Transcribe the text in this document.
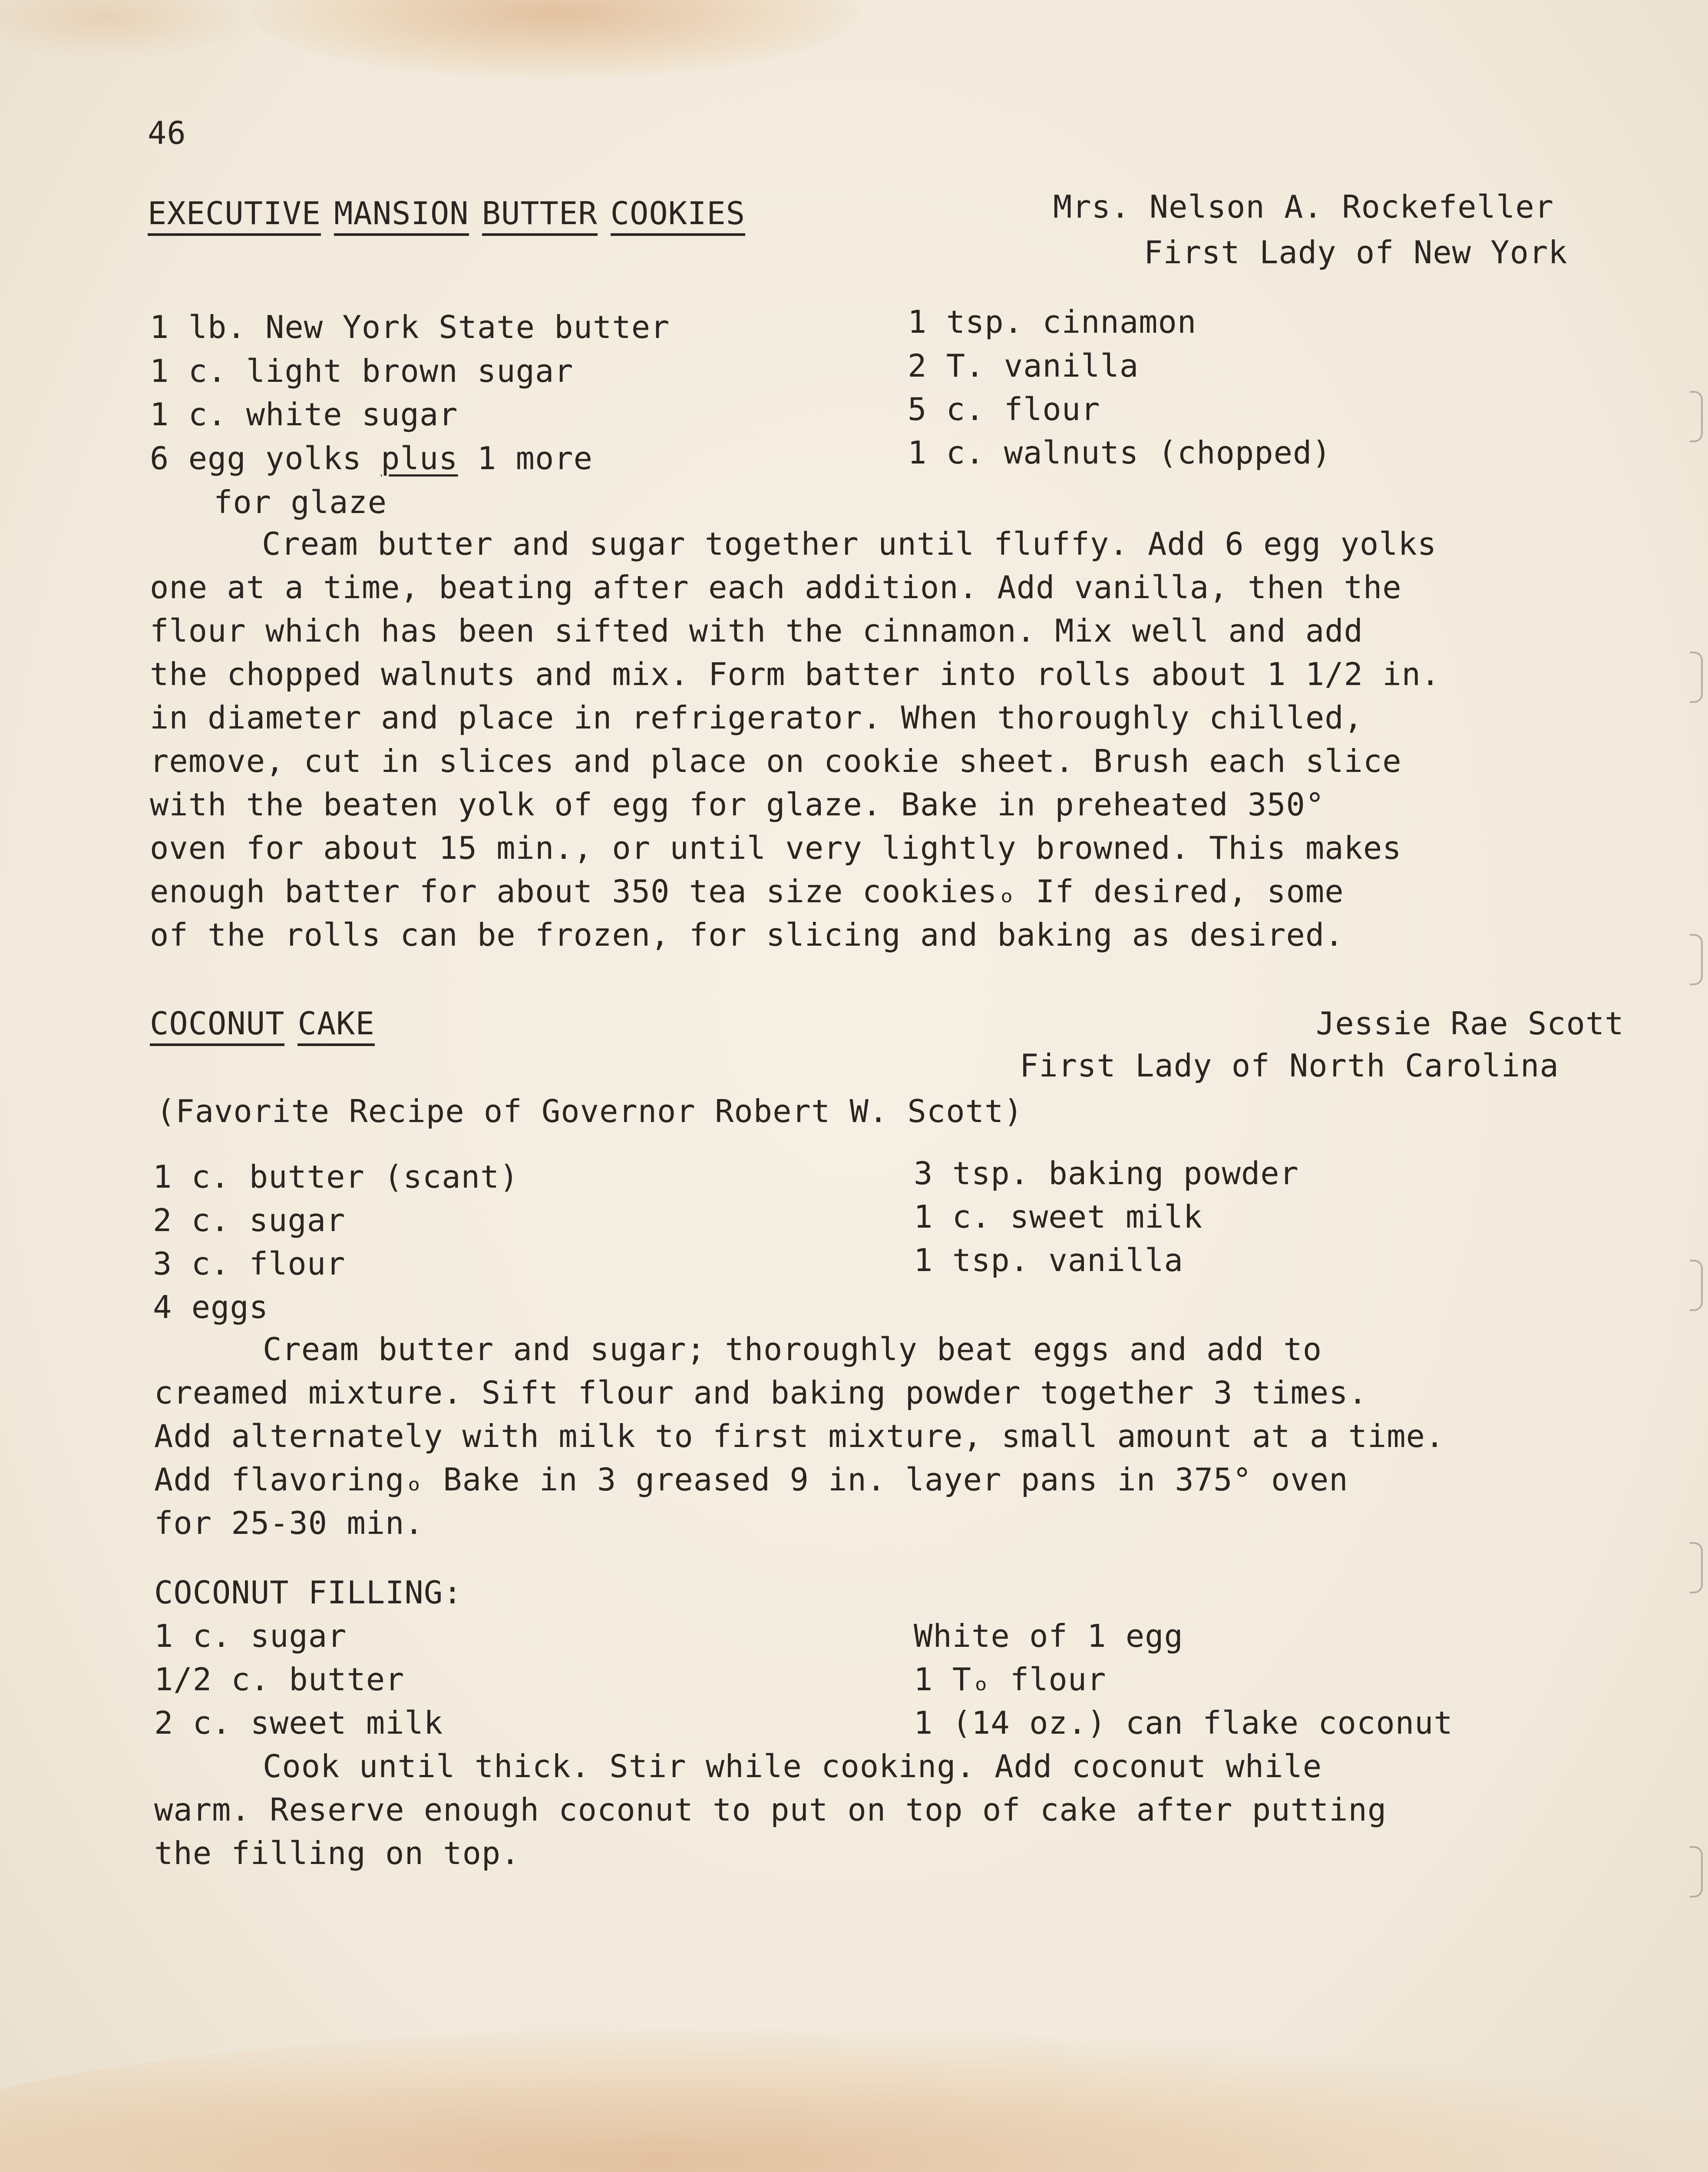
46
EXECUTIVE MANSION BUTTER COOKIES	Mrs. Nelson A. Rockefeller
First Lady of New York
1 lb. New York State butter
1 c. light brown sugar
1 c. white sugar
6 egg yolks plus 1 more
for glaze
1 tsp. cinnamon
2 T. vanilla
5 c. flour
1 c. walnuts (chopped)
Cream butter and sugar together until fluffy. Add 6 egg yolks
one at a time, beating after each addition. Add vanilla, then the
flour which has been sifted with the cinnamon. Mix well and add
the chopped walnuts and mix. Form batter into rolls about 1 1/2 in.
in diameter and place in refrigerator. When thoroughly chilled,
remove, cut in slices and place on cookie sheet. Brush each slice
with the beaten yolk of egg for glaze. Bake in preheated 350°
oven for about 15 min., or until very lightly browned. This makes
enough batter for about 350 tea size cookiesₒ If desired, some
of the rolls can be frozen, for slicing and baking as desired.
COCONUT CAKE	Jessie Rae Scott
First Lady of North Carolina
(Favorite Recipe of Governor Robert W. Scott)
1 c. butter (scant)
2 c. sugar
3 c. flour
4 eggs
3 tsp. baking powder
1 c. sweet milk
1 tsp. vanilla
Cream butter and sugar; thoroughly beat eggs and add to
creamed mixture. Sift flour and baking powder together 3 times.
Add alternately with milk to first mixture, small amount at a time.
Add flavoringₒ Bake in 3 greased 9 in. layer pans in 375° oven
for 25-30 min.
COCONUT FILLING:
1 c. sugar
1/2 c. butter
2 c. sweet milk
White of 1 egg
1 Tₒ flour
1 (14 oz.) can flake coconut
Cook until thick. Stir while cooking. Add coconut while
warm. Reserve enough coconut to put on top of cake after putting
the filling on top.
